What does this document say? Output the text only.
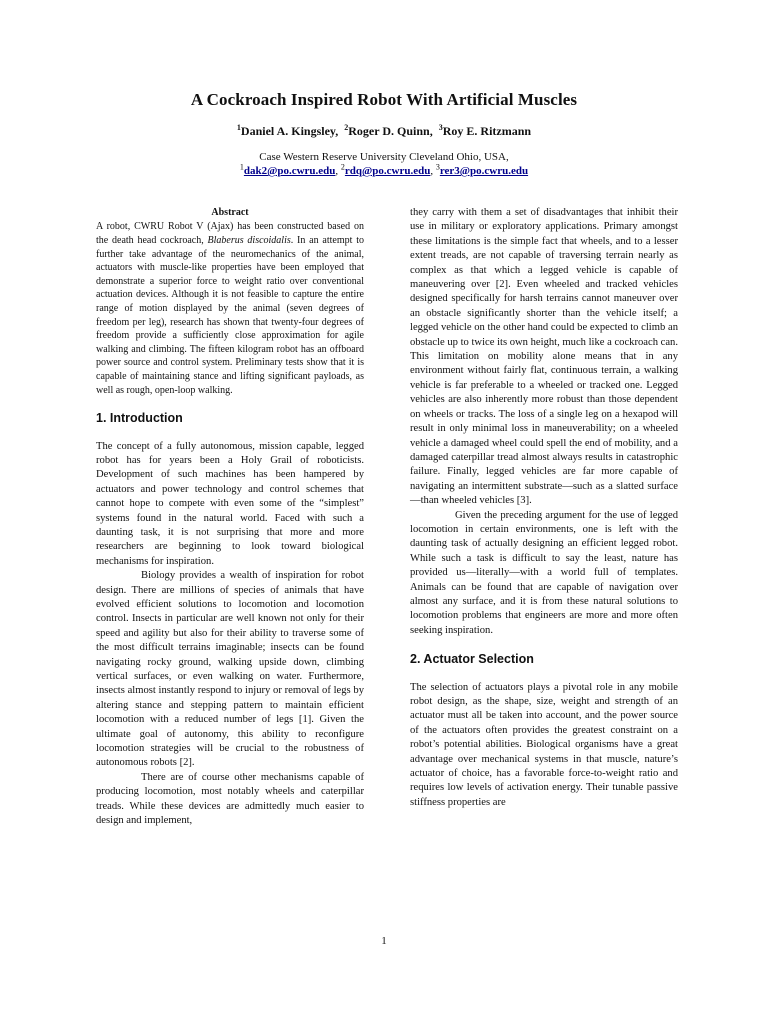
A Cockroach Inspired Robot With Artificial Muscles
$^1$Daniel A. Kingsley, $^2$Roger D. Quinn, $^3$Roy E. Ritzmann
Case Western Reserve University Cleveland Ohio, USA,
$^1$dak2@po.cwru.edu, $^2$rdq@po.cwru.edu, $^3$rer3@po.cwru.edu

Abstract

A robot, CWRU Robot V (Ajax) has been constructed based on the death head cockroach, Blaberus discoidalis. In an attempt to further take advantage of the neuromechanics of the animal, actuators with muscle-like properties have been employed that demonstrate a superior force to weight ratio over conventional actuation devices. Although it is not feasible to capture the entire range of motion displayed by the animal (seven degrees of freedom per leg), research has shown that twenty-four degrees of freedom provide a sufficiently close approximation for agile walking and climbing. The fifteen kilogram robot has an offboard power source and control system. Preliminary tests show that it is capable of maintaining stance and lifting significant payloads, as well as rough, open-loop walking.

1. Introduction

The concept of a fully autonomous, mission capable, legged robot has for years been a Holy Grail of roboticists. Development of such machines has been hampered by actuators and power technology and control schemes that cannot hope to compete with even some of the “simplest” systems found in the natural world. Faced with such a daunting task, it is not surprising that more and more researchers are beginning to look toward biological mechanisms for inspiration.

Biology provides a wealth of inspiration for robot design. There are millions of species of animals that have evolved efficient solutions to locomotion and locomotion control. Insects in particular are well known not only for their speed and agility but also for their ability to traverse some of the most difficult terrains imaginable; insects can be found navigating rocky ground, walking upside down, climbing vertical surfaces, or even walking on water. Furthermore, insects almost instantly respond to injury or removal of legs by altering stance and stepping pattern to maintain efficient locomotion with a reduced number of legs [1]. Given the ultimate goal of autonomy, this ability to reconfigure locomotion strategies will be crucial to the robustness of autonomous robots [2].

There are of course other mechanisms capable of producing locomotion, most notably wheels and caterpillar treads. While these devices are admittedly much easier to design and implement,

they carry with them a set of disadvantages that inhibit their use in military or exploratory applications. Primary amongst these limitations is the simple fact that wheels, and to a lesser extent treads, are not capable of traversing terrain nearly as complex as that which a legged vehicle is capable of maneuvering over [2]. Even wheeled and tracked vehicles designed specifically for harsh terrains cannot maneuver over an obstacle significantly shorter than the vehicle itself; a legged vehicle on the other hand could be expected to climb an obstacle up to twice its own height, much like a cockroach can. This limitation on mobility alone means that in any environment without fairly flat, continuous terrain, a walking vehicle is far preferable to a wheeled or tracked one. Legged vehicles are also inherently more robust than those dependent on wheels or tracks. The loss of a single leg on a hexapod will result in only minimal loss in maneuverability; on a wheeled vehicle a damaged wheel could spell the end of mobility, and a damaged caterpillar tread almost always results in catastrophic failure. Finally, legged vehicles are far more capable of navigating an intermittent substrate—such as a slatted surface—than wheeled vehicles [3].

Given the preceding argument for the use of legged locomotion in certain environments, one is left with the daunting task of actually designing an efficient legged robot. While such a task is difficult to say the least, nature has provided us—literally—with a world full of templates. Animals can be found that are capable of navigation over almost any surface, and it is from these natural solutions to locomotion problems that engineers are more and more often seeking inspiration.

2. Actuator Selection

The selection of actuators plays a pivotal role in any mobile robot design, as the shape, size, weight and strength of an actuator must all be taken into account, and the power source of the actuators often provides the greatest constraint on a robot’s potential abilities. Biological organisms have a great advantage over mechanical systems in that muscle, nature’s actuator of choice, has a favorable force-to-weight ratio and requires low levels of activation energy. Their tunable passive stiffness properties are

1
